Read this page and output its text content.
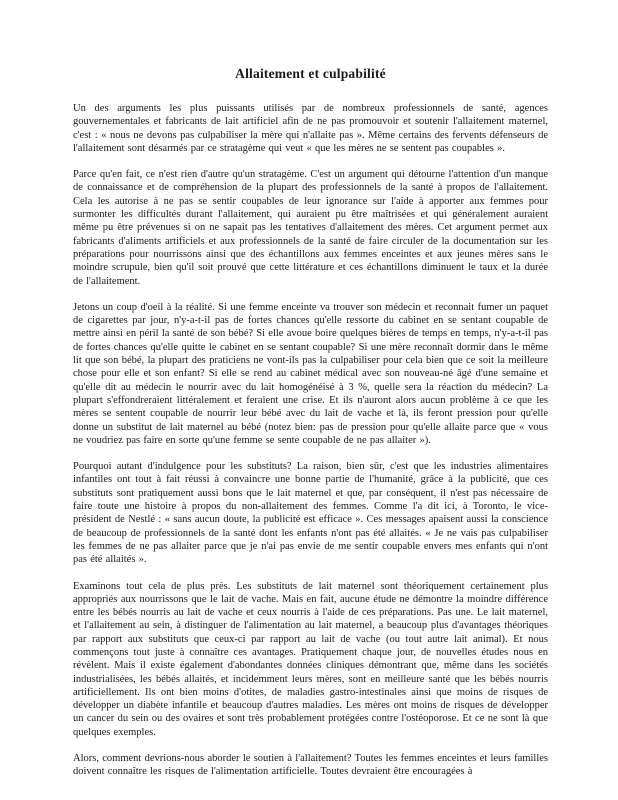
Allaitement et culpabilité

Un des arguments les plus puissants utilisés par de nombreux professionnels de santé, agences gouvernementales et fabricants de lait artificiel afin de ne pas promouvoir et soutenir l'allaitement maternel, c'est : « nous ne devons pas culpabiliser la mère qui n'allaite pas ». Même certains des fervents défenseurs de l'allaitement sont désarmés par ce stratagème qui veut « que les mères ne se sentent pas coupables ».

Parce qu'en fait, ce n'est rien d'autre qu'un stratagème. C'est un argument qui détourne l'attention d'un manque de connaissance et de compréhension de la plupart des professionnels de la santé à propos de l'allaitement. Cela les autorise à ne pas se sentir coupables de leur ignorance sur l'aide à apporter aux femmes pour surmonter les difficultés durant l'allaitement, qui auraient pu être maîtrisées et qui généralement auraient même pu être prévenues si on ne sapait pas les tentatives d'allaitement des mères. Cet argument permet aux fabricants d'aliments artificiels et aux professionnels de la santé de faire circuler de la documentation sur les préparations pour nourrissons ainsi que des échantillons aux femmes enceintes et aux jeunes mères sans le moindre scrupule, bien qu'il soit prouvé que cette littérature et ces échantillons diminuent le taux et la durée de l'allaitement.

Jetons un coup d'oeil à la réalité. Si une femme enceinte va trouver son médecin et reconnait fumer un paquet de cigarettes par jour, n'y-a-t-il pas de fortes chances qu'elle ressorte du cabinet en se sentant coupable de mettre ainsi en péril la santé de son bébé? Si elle avoue boire quelques bières de temps en temps, n'y-a-t-il pas de fortes chances qu'elle quitte le cabinet en se sentant coupable? Si une mère reconnaît dormir dans le même lit que son bébé, la plupart des praticiens ne vont-ils pas la culpabiliser pour cela bien que ce soit la meilleure chose pour elle et son enfant? Si elle se rend au cabinet médical avec son nouveau-né âgé d'une semaine et qu'elle dit au médecin le nourrir avec du lait homogénéisé à 3 %, quelle sera la réaction du médecin? La plupart s'effondreraient littéralement et feraient une crise. Et ils n'auront alors aucun problème à ce que les mères se sentent coupable de nourrir leur bébé avec du lait de vache et là, ils feront pression pour qu'elle donne un substitut de lait maternel au bébé (notez bien: pas de pression pour qu'elle allaite parce que « vous ne voudriez pas faire en sorte qu'une femme se sente coupable de ne pas allaiter »).

Pourquoi autant d'indulgence pour les substituts? La raison, bien sûr, c'est que les industries alimentaires infantiles ont tout à fait réussi à convaincre une bonne partie de l'humanité, grâce à la publicité, que ces substituts sont pratiquement aussi bons que le lait maternel et que, par conséquent, il n'est pas nécessaire de faire toute une histoire à propos du non-allaitement des femmes. Comme l'a dit ici, à Toronto, le vice-président de Nestlé : « sans aucun doute, la publicité est efficace ». Ces messages apaisent aussi la conscience de beaucoup de professionnels de la santé dont les enfants n'ont pas été allaités. « Je ne vais pas culpabiliser les femmes de ne pas allaiter parce que je n'ai pas envie de me sentir coupable envers mes enfants qui n'ont pas été allaités ».

Examinons tout cela de plus près. Les substituts de lait maternel sont théoriquement certainement plus appropriés aux nourrissons que le lait de vache. Mais en fait, aucune étude ne démontre la moindre différence entre les bébés nourris au lait de vache et ceux nourris à l'aide de ces préparations. Pas une. Le lait maternel, et l'allaitement au sein, à distinguer de l'alimentation au lait maternel, a beaucoup plus d'avantages théoriques par rapport aux substituts que ceux-ci par rapport au lait de vache (ou tout autre lait animal). Et nous commençons tout juste à connaître ces avantages. Pratiquement chaque jour, de nouvelles études nous en révèlent. Mais il existe également d'abondantes données cliniques démontrant que, même dans les sociétés industrialisées, les bébés allaités, et incidemment leurs mères, sont en meilleure santé que les bébés nourris artificiellement. Ils ont bien moins d'otites, de maladies gastro-intestinales ainsi que moins de risques de développer un diabète infantile et beaucoup d'autres maladies. Les mères ont moins de risques de développer un cancer du sein ou des ovaires et sont très probablement protégées contre l'ostéoporose. Et ce ne sont là que quelques exemples.

Alors, comment devrions-nous aborder le soutien à l'allaitement? Toutes les femmes enceintes et leurs familles doivent connaître les risques de l'alimentation artificielle. Toutes devraient être encouragées à
